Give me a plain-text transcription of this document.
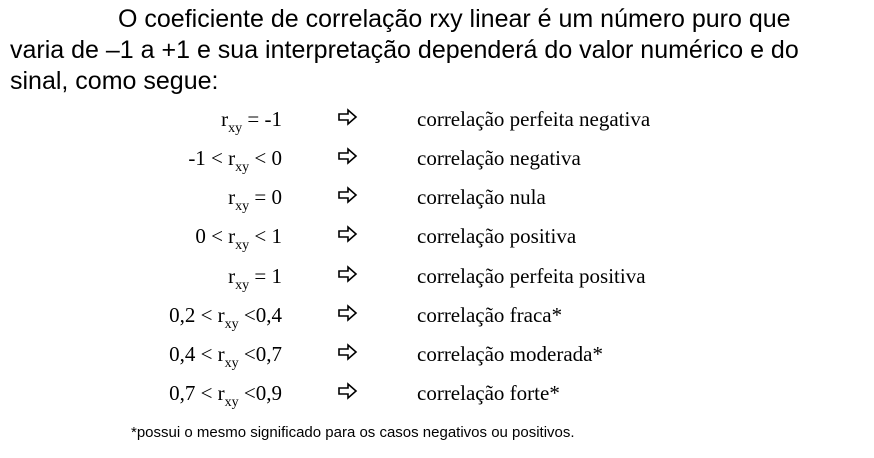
O coeficiente de correlação rxy linear é um número puro que
varia de –1 a +1 e sua interpretação dependerá do valor numérico e do
sinal, como segue:
$r_{xy} = -1$	correlação perfeita negativa
$-1 < r_{xy} < 0$	correlação negativa
$r_{xy} = 0$	correlação nula
$0 < r_{xy} < 1$	correlação positiva
$r_{xy} = 1$	correlação perfeita positiva
$0,2 < r_{xy} <0,4$	correlação fraca*
$0,4 < r_{xy} <0,7$	correlação moderada*
$0,7 < r_{xy} <0,9$	correlação forte*
*possui o mesmo significado para os casos negativos ou positivos.
